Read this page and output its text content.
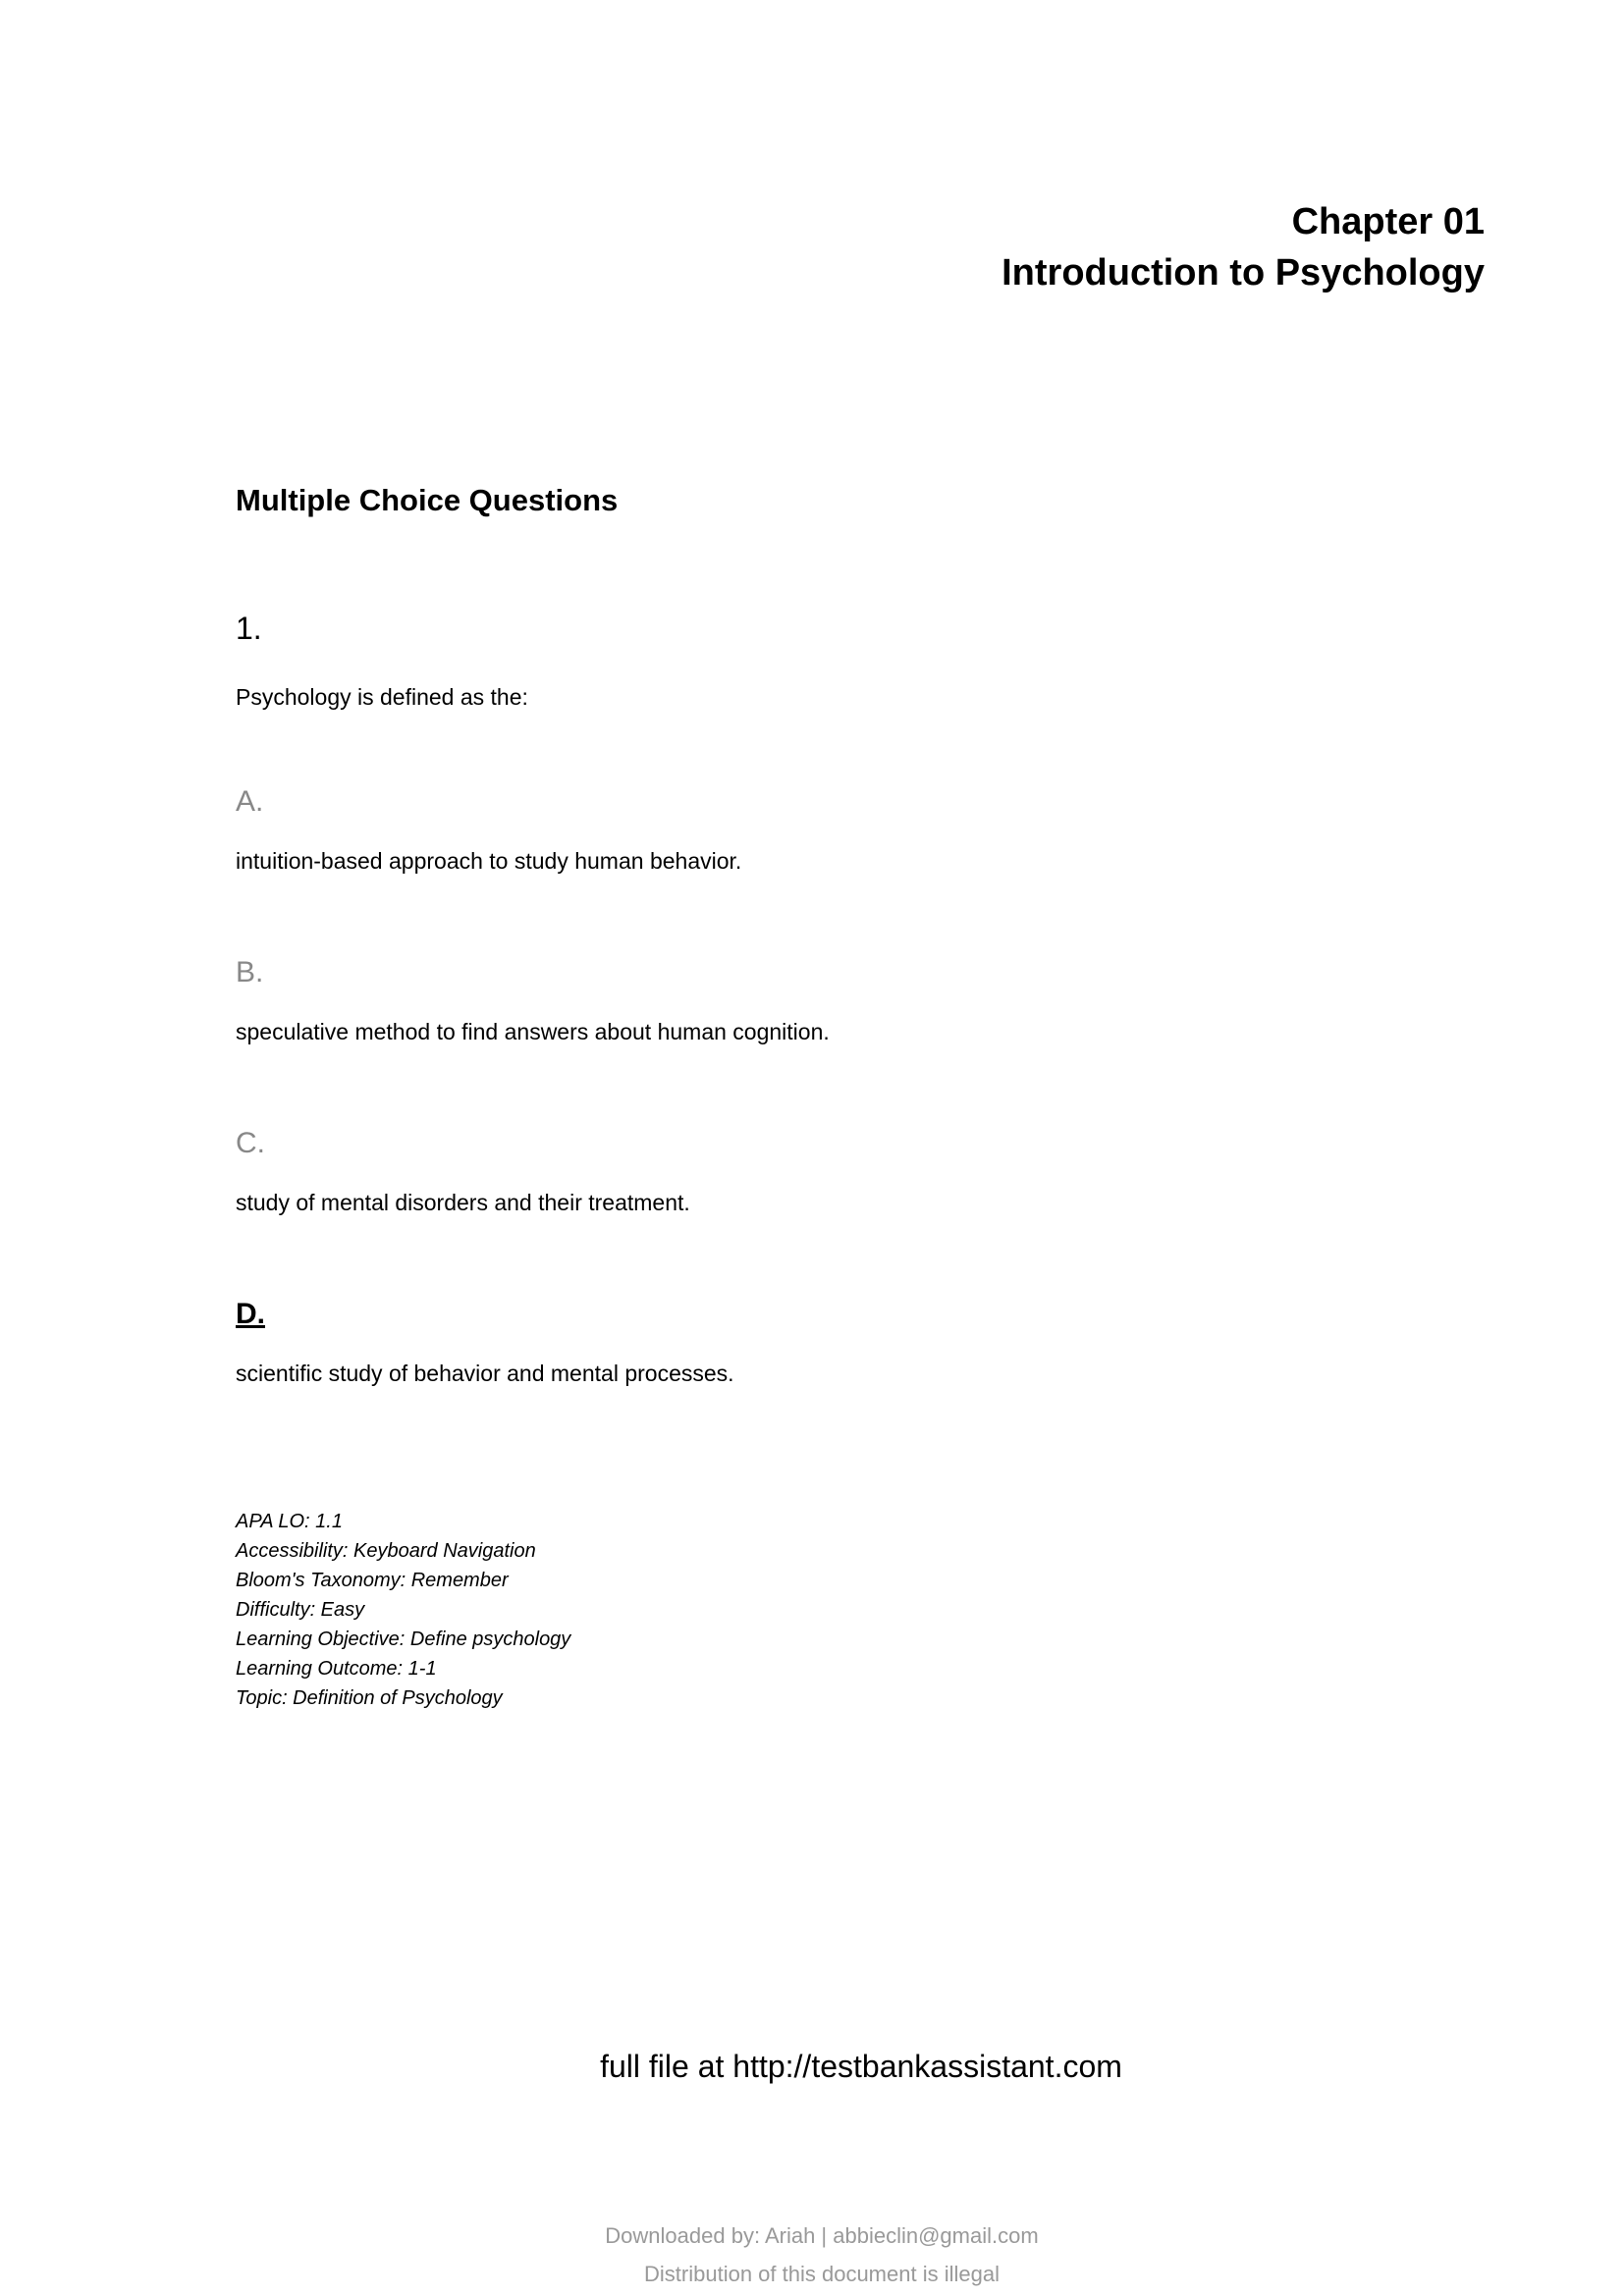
Chapter 01
Introduction to Psychology
Multiple Choice Questions
1.
Psychology is defined as the:
A.
intuition-based approach to study human behavior.
B.
speculative method to find answers about human cognition.
C.
study of mental disorders and their treatment.
D.
scientific study of behavior and mental processes.
APA LO: 1.1
Accessibility: Keyboard Navigation
Bloom's Taxonomy: Remember
Difficulty: Easy
Learning Objective: Define psychology
Learning Outcome: 1-1
Topic: Definition of Psychology
full file at http://testbankassistant.com
Downloaded by: Ariah | abbieclin@gmail.com
Distribution of this document is illegal
